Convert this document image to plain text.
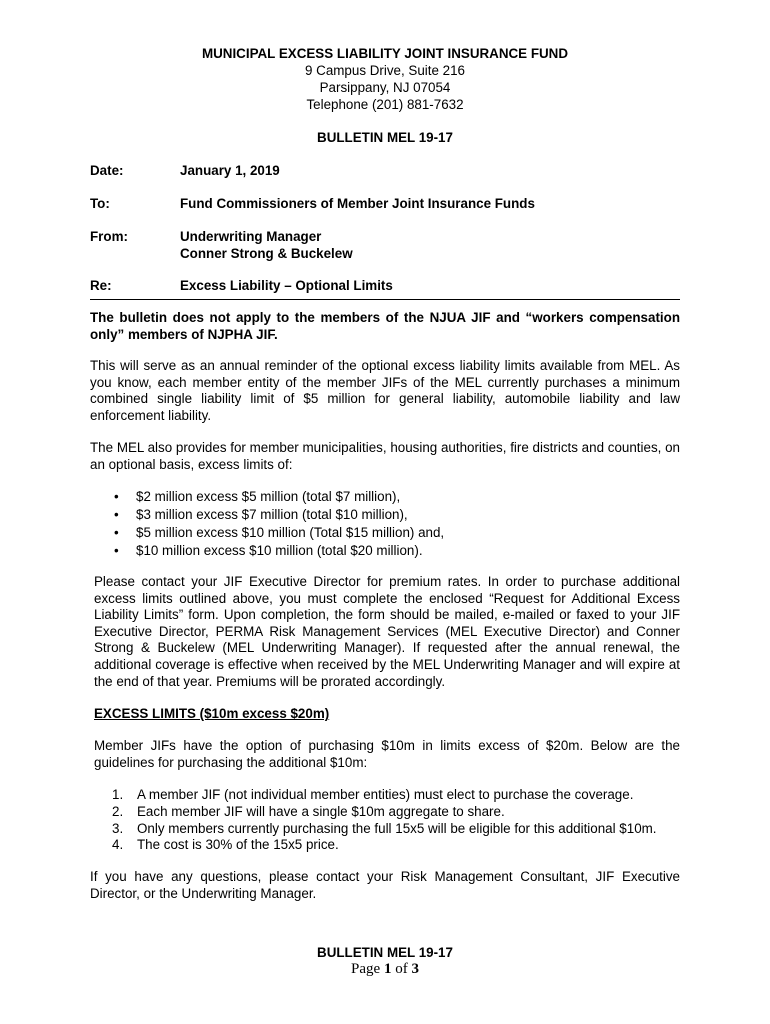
MUNICIPAL EXCESS LIABILITY JOINT INSURANCE FUND
9 Campus Drive, Suite 216
Parsippany, NJ 07054
Telephone (201) 881-7632
BULLETIN MEL 19-17
Date:	January 1, 2019
To:	Fund Commissioners of Member Joint Insurance Funds
From:	Underwriting Manager
Conner Strong & Buckelew
Re:	Excess Liability – Optional Limits
The bulletin does not apply to the members of the NJUA JIF and “workers compensation only” members of NJPHA JIF.
This will serve as an annual reminder of the optional excess liability limits available from MEL. As you know, each member entity of the member JIFs of the MEL currently purchases a minimum combined single liability limit of $5 million for general liability, automobile liability and law enforcement liability.
The MEL also provides for member municipalities, housing authorities, fire districts and counties, on an optional basis, excess limits of:
• $2 million excess $5 million (total $7 million),
• $3 million excess $7 million (total $10 million),
• $5 million excess $10 million (Total $15 million) and,
• $10 million excess $10 million (total $20 million).
Please contact your JIF Executive Director for premium rates. In order to purchase additional excess limits outlined above, you must complete the enclosed “Request for Additional Excess Liability Limits” form. Upon completion, the form should be mailed, e-mailed or faxed to your JIF Executive Director, PERMA Risk Management Services (MEL Executive Director) and Conner Strong & Buckelew (MEL Underwriting Manager). If requested after the annual renewal, the additional coverage is effective when received by the MEL Underwriting Manager and will expire at the end of that year. Premiums will be prorated accordingly.
EXCESS LIMITS ($10m excess $20m)
Member JIFs have the option of purchasing $10m in limits excess of $20m. Below are the guidelines for purchasing the additional $10m:
1. A member JIF (not individual member entities) must elect to purchase the coverage.
2. Each member JIF will have a single $10m aggregate to share.
3. Only members currently purchasing the full 15x5 will be eligible for this additional $10m.
4. The cost is 30% of the 15x5 price.
If you have any questions, please contact your Risk Management Consultant, JIF Executive Director, or the Underwriting Manager.
BULLETIN MEL 19-17
Page 1 of 3
